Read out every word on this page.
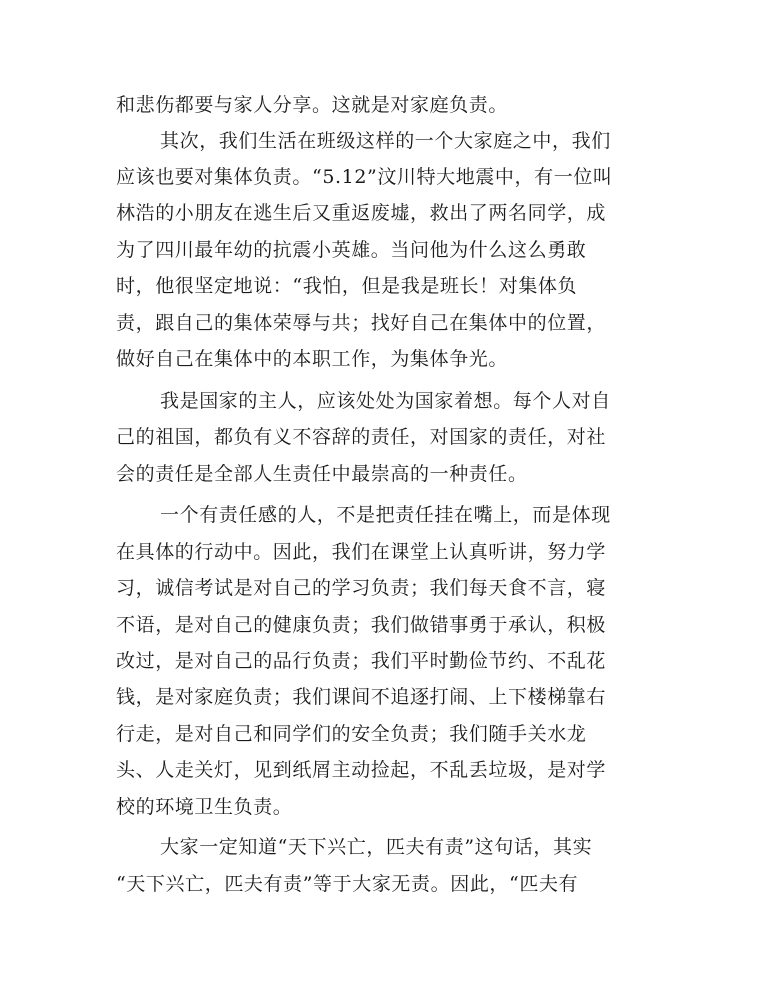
和悲伤都要与家人分享。这就是对家庭负责。
其次，我们生活在班级这样的一个大家庭之中，我们
应该也要对集体负责。“5.12”汶川特大地震中，有一位叫
林浩的小朋友在逃生后又重返废墟，救出了两名同学，成
为了四川最年幼的抗震小英雄。当问他为什么这么勇敢
时，他很坚定地说：“我怕，但是我是班长！对集体负
责，跟自己的集体荣辱与共；找好自己在集体中的位置，
做好自己在集体中的本职工作，为集体争光。
我是国家的主人，应该处处为国家着想。每个人对自
己的祖国，都负有义不容辞的责任，对国家的责任，对社
会的责任是全部人生责任中最崇高的一种责任。
一个有责任感的人，不是把责任挂在嘴上，而是体现
在具体的行动中。因此，我们在课堂上认真听讲，努力学
习，诚信考试是对自己的学习负责；我们每天食不言，寝
不语，是对自己的健康负责；我们做错事勇于承认，积极
改过，是对自己的品行负责；我们平时勤俭节约、不乱花
钱，是对家庭负责；我们课间不追逐打闹、上下楼梯靠右
行走，是对自己和同学们的安全负责；我们随手关水龙
头、人走关灯，见到纸屑主动捡起，不乱丢垃圾，是对学
校的环境卫生负责。
大家一定知道“天下兴亡，匹夫有责”这句话，其实
“天下兴亡，匹夫有责”等于大家无责。因此，“匹夫有
